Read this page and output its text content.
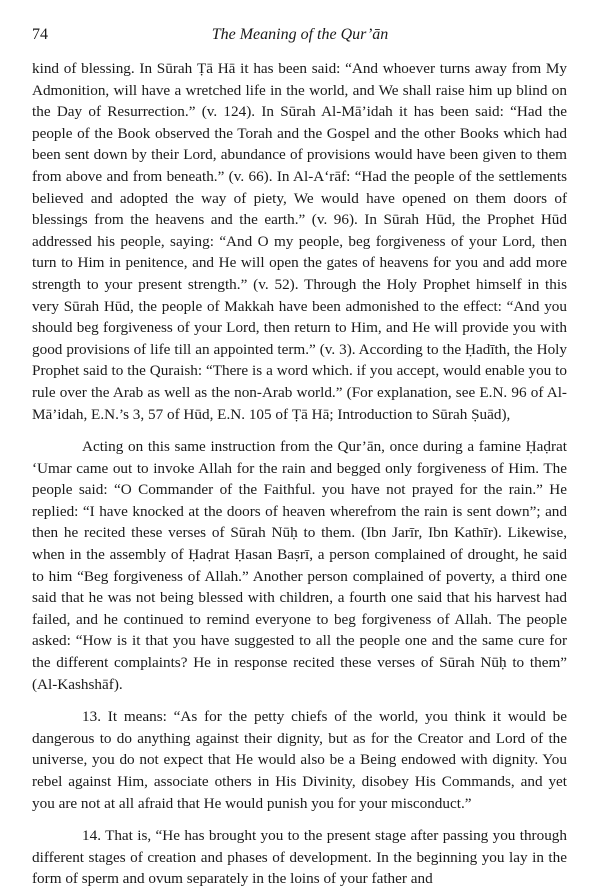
74	The Meaning of the Qur’ān

kind of blessing. In Sūrah Ṭā Hā it has been said: “And whoever turns away from My Admonition, will have a wretched life in the world, and We shall raise him up blind on the Day of Resurrection.” (v. 124). In Sūrah Al-Mā’idah it has been said: “Had the people of the Book observed the Torah and the Gospel and the other Books which had been sent down by their Lord, abundance of provisions would have been given to them from above and from beneath.” (v. 66). In Al-A‘rāf: “Had the people of the settlements believed and adopted the way of piety, We would have opened on them doors of blessings from the heavens and the earth.” (v. 96). In Sūrah Hūd, the Prophet Hūd addressed his people, saying: “And O my people, beg forgiveness of your Lord, then turn to Him in penitence, and He will open the gates of heavens for you and add more strength to your present strength.” (v. 52). Through the Holy Prophet himself in this very Sūrah Hūd, the people of Makkah have been admonished to the effect: “And you should beg forgiveness of your Lord, then return to Him, and He will provide you with good provisions of life till an appointed term.” (v. 3). According to the Ḥadīth, the Holy Prophet said to the Quraish: “There is a word which. if you accept, would enable you to rule over the Arab as well as the non-Arab world.” (For explanation, see E.N. 96 of Al-Mā’idah, E.N.’s 3, 57 of Hūd, E.N. 105 of Ṭā Hā; Introduction to Sūrah Ṣuād),

Acting on this same instruction from the Qur’ān, once during a famine Ḥaḍrat ‘Umar came out to invoke Allah for the rain and begged only forgiveness of Him. The people said: “O Commander of the Faithful. you have not prayed for the rain.” He replied: “I have knocked at the doors of heaven wherefrom the rain is sent down”; and then he recited these verses of Sūrah Nūḥ to them. (Ibn Jarīr, Ibn Kathīr). Likewise, when in the assembly of Ḥaḍrat Ḥasan Baṣrī, a person complained of drought, he said to him “Beg forgiveness of Allah.” Another person complained of poverty, a third one said that he was not being blessed with children, a fourth one said that his harvest had failed, and he continued to remind everyone to beg forgiveness of Allah. The people asked: “How is it that you have suggested to all the people one and the same cure for the different complaints? He in response recited these verses of Sūrah Nūḥ to them” (Al-Kashshāf).

13. It means: “As for the petty chiefs of the world, you think it would be dangerous to do anything against their dignity, but as for the Creator and Lord of the universe, you do not expect that He would also be a Being endowed with dignity. You rebel against Him, associate others in His Divinity, disobey His Commands, and yet you are not at all afraid that He would punish you for your misconduct.”

14. That is, “He has brought you to the present stage after passing you through different stages of creation and phases of development. In the beginning you lay in the form of sperm and ovum separately in the loins of your father and
